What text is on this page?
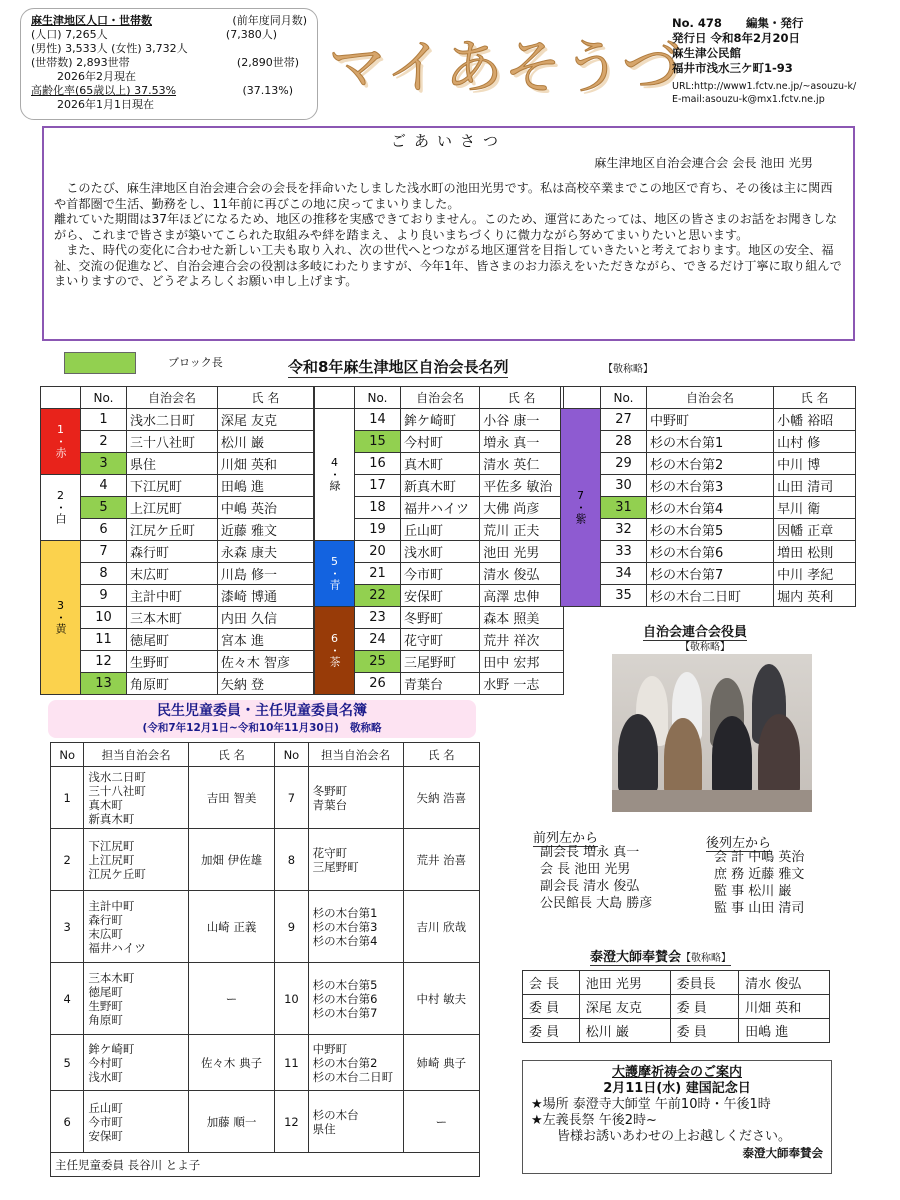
麻生津地区人口・世帯数	(前年度同月数)
(人口) 7,265人	(7,380人)
(男性) 3,533人 (女性) 3,732人
(世帯数) 2,893世帯	(2,890世帯)
2026年2月現在
高齢化率(65歳以上) 37.53%	(37.13%)
2026年1月1日現在
マイあそうづ
No. 478 編集・発行
発行日 令和8年2月20日
麻生津公民館
福井市浅水三ケ町1-93
URL:http://www1.fctv.ne.jp/~asouzu-k/
E-mail:asouzu-k@mx1.fctv.ne.jp
ごあいさつ
麻生津地区自治会連合会 会長 池田 光男

このたび、麻生津地区自治会連合会の会長を拝命いたしました浅水町の池田光男です。私は高校卒業までこの地区で育ち、その後は主に関西や首都圏で生活、勤務をし、11年前に再びこの地に戻ってまいりました。

離れていた期間は37年ほどになるため、地区の推移を実感できておりません。このため、運営にあたっては、地区の皆さまのお話をお聞きしながら、これまで皆さまが築いてこられた取組みや絆を踏まえ、より良いまちづくりに微力ながら努めてまいりたいと思います。

また、時代の変化に合わせた新しい工夫も取り入れ、次の世代へとつながる地区運営を目指していきたいと考えております。地区の安全、福祉、交流の促進など、自治会連合会の役割は多岐にわたりますが、今年1年、皆さまのお力添えをいただきながら、できるだけ丁寧に取り組んでまいりますので、どうぞよろしくお願い申し上げます。

ブロック長	令和8年麻生津地区自治会長名列	【敬称略】
	No.	自治会名	氏 名
1・赤	1	浅水二日町	深尾 友克
	2	三十八社町	松川 巌
	3	県住	川畑 英和
2・白	4	下江尻町	田嶋 進
	5	上江尻町	中嶋 英治
	6	江尻ケ丘町	近藤 雅文
3・黄	7	森行町	永森 康夫
	8	末広町	川島 修一
	9	主計中町	漆崎 博通
	10	三本木町	内田 久信
	11	徳尾町	宮本 進
	12	生野町	佐々木 智彦
	13	角原町	矢納 登
	No.	自治会名	氏 名
4・緑	14	鉾ケ崎町	小谷 康一
	15	今村町	増永 真一
	16	真木町	清水 英仁
	17	新真木町	平佐多 敏治
	18	福井ハイツ	大佛 尚彦
	19	丘山町	荒川 正夫
5・青	20	浅水町	池田 光男
	21	今市町	清水 俊弘
	22	安保町	高澤 忠伸
6・茶	23	冬野町	森本 照美
	24	花守町	荒井 祥次
	25	三尾野町	田中 宏邦
	26	青葉台	水野 一志
	No.	自治会名	氏 名
7・紫	27	中野町	小幡 裕昭
	28	杉の木台第1	山村 修
	29	杉の木台第2	中川 博
	30	杉の木台第3	山田 清司
	31	杉の木台第4	早川 衛
	32	杉の木台第5	因幡 正章
	33	杉の木台第6	増田 松則
	34	杉の木台第7	中川 孝紀
	35	杉の木台二日町	堀内 英利
民生児童委員・主任児童委員名簿
(令和7年12月1日~令和10年11月30日) 敬称略
No	担当自治会名	氏 名	No	担当自治会名	氏 名
1	浅水二日町
三十八社町
真木町
新真木町	吉田 智美	7	冬野町
青葉台	矢納 浩喜
2	下江尻町
上江尻町
江尻ケ丘町	加畑 伊佐雄	8	花守町
三尾野町	荒井 治喜
3	主計中町
森行町
末広町
福井ハイツ	山崎 正義	9	杉の木台第1
杉の木台第3
杉の木台第4	吉川 欣哉
4	三本木町
徳尾町
生野町
角原町	ー	10	杉の木台第5
杉の木台第6
杉の木台第7	中村 敏夫
5	鉾ケ崎町
今村町
浅水町	佐々木 典子	11	中野町
杉の木台第2
杉の木台二日町	姉崎 典子
6	丘山町
今市町
安保町	加藤 順一	12	杉の木台
県住	ー
主任児童委員 長谷川 とよ子					
自治会連合会役員
【敬称略】
前列左から
副会長 増永 真一
会 長 池田 光男
副会長 清水 俊弘
公民館長 大島 勝彦
後列左から
会 計 中嶋 英治
庶 務 近藤 雅文
監 事 松川 巌
監 事 山田 清司
泰澄大師奉賛会【敬称略】
会 長	池田 光男	委員長	清水 俊弘
委 員	深尾 友克	委 員	川畑 英和
委 員	松川 巌	委 員	田嶋 進
大護摩祈祷会のご案内
2月11日(水) 建国記念日
★場所 泰澄寺大師堂 午前10時・午後1時
★左義長祭 午後2時~
皆様お誘いあわせの上お越しください。
泰澄大師奉賛会
